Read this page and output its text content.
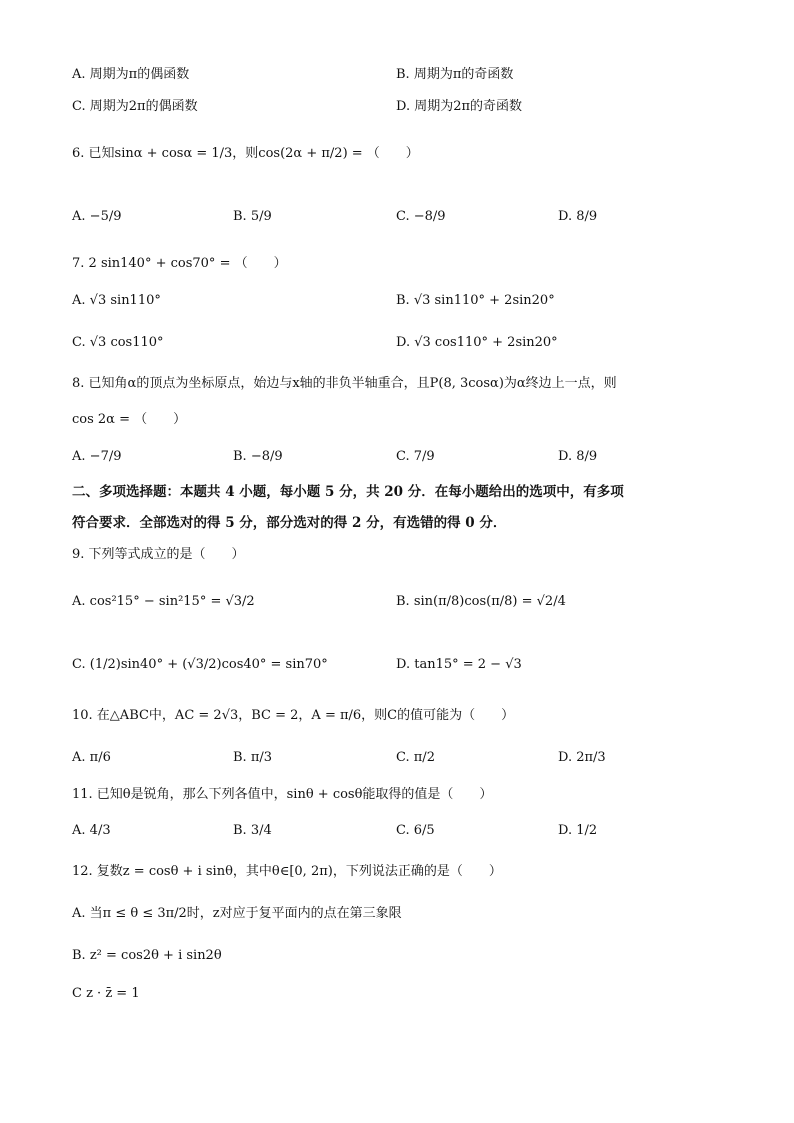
A. 周期为π的偶函数	B. 周期为π的奇函数
C. 周期为2π的偶函数	D. 周期为2π的奇函数
6. 已知sinα + cosα = 1/3，则cos(2α + π/2) = （　　）
A. −5/9	B. 5/9	C. −8/9	D. 8/9
7. 2 sin140° + cos70° = （　　）
A. √3 sin110°	B. √3 sin110° + 2sin20°
C. √3 cos110°	D. √3 cos110° + 2sin20°
8. 已知角α的顶点为坐标原点，始边与x轴的非负半轴重合，且P(8, 3cosα)为α终边上一点，则
cos 2α = （　　）
A. −7/9	B. −8/9	C. 7/9	D. 8/9
二、多项选择题：本题共 4 小题，每小题 5 分，共 20 分．在每小题给出的选项中，有多项
符合要求．全部选对的得 5 分，部分选对的得 2 分，有选错的得 0 分．
9. 下列等式成立的是（　　）
A. cos²15° − sin²15° = √3/2	B. sin(π/8)cos(π/8) = √2/4
C. (1/2)sin40° + (√3/2)cos40° = sin70°	D. tan15° = 2 − √3
10. 在△ABC中，AC = 2√3，BC = 2，A = π/6，则C的值可能为（　　）
A. π/6	B. π/3	C. π/2	D. 2π/3
11. 已知θ是锐角，那么下列各值中，sinθ + cosθ能取得的值是（　　）
A. 4/3	B. 3/4	C. 6/5	D. 1/2
12. 复数z = cosθ + i sinθ，其中θ∈[0, 2π)，下列说法正确的是（　　）
A. 当π ≤ θ ≤ 3π/2时，z对应于复平面内的点在第三象限
B. z² = cos2θ + i sin2θ
C z · z̄ = 1
